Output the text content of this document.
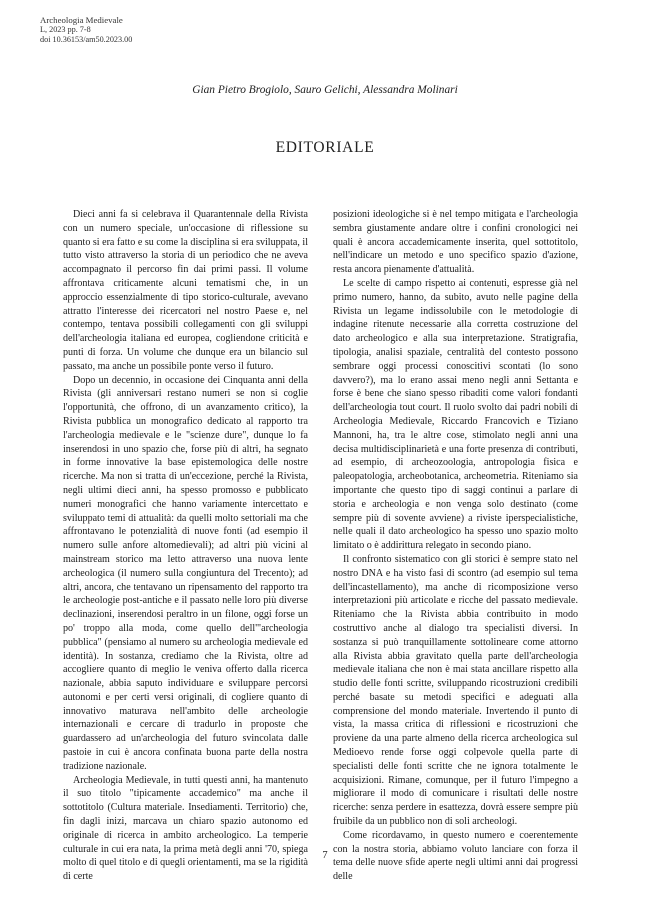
Archeologia Medievale
L, 2023 pp. 7-8
doi 10.36153/am50.2023.00
Gian Pietro Brogiolo, Sauro Gelichi, Alessandra Molinari
EDITORIALE

Dieci anni fa si celebrava il Quarantennale della Rivista con un numero speciale, un'occasione di riflessione su quanto si era fatto e su come la disciplina si era sviluppata, il tutto visto attraverso la storia di un periodico che ne aveva accompagnato il percorso fin dai primi passi. Il volume affrontava criticamente alcuni tematismi che, in un approccio essenzialmente di tipo storico-culturale, avevano attratto l'interesse dei ricercatori nel nostro Paese e, nel contempo, tentava possibili collegamenti con gli sviluppi dell'archeologia italiana ed europea, cogliendone criticità e punti di forza. Un volume che dunque era un bilancio sul passato, ma anche un possibile ponte verso il futuro.

Dopo un decennio, in occasione dei Cinquanta anni della Rivista (gli anniversari restano numeri se non si coglie l'opportunità, che offrono, di un avanzamento critico), la Rivista pubblica un monografico dedicato al rapporto tra l'archeologia medievale e le "scienze dure", dunque lo fa inserendosi in uno spazio che, forse più di altri, ha segnato in forme innovative la base epistemologica delle nostre ricerche. Ma non si tratta di un'eccezione, perché la Rivista, negli ultimi dieci anni, ha spesso promosso e pubblicato numeri monografici che hanno variamente intercettato e sviluppato temi di attualità: da quelli molto settoriali ma che affrontavano le potenzialità di nuove fonti (ad esempio il numero sulle anfore altomedievali); ad altri più vicini al mainstream storico ma letto attraverso una nuova lente archeologica (il numero sulla congiuntura del Trecento); ad altri, ancora, che tentavano un ripensamento del rapporto tra le archeologie post-antiche e il passato nelle loro più diverse declinazioni, inserendosi peraltro in un filone, oggi forse un po' troppo alla moda, come quello dell'"archeologia pubblica" (pensiamo al numero su archeologia medievale ed identità). In sostanza, crediamo che la Rivista, oltre ad accogliere quanto di meglio le veniva offerto dalla ricerca nazionale, abbia saputo individuare e sviluppare percorsi autonomi e per certi versi originali, di cogliere quanto di innovativo maturava nell'ambito delle archeologie internazionali e cercare di tradurlo in proposte che guardassero ad un'archeologia del futuro svincolata dalle pastoie in cui è ancora confinata buona parte della nostra tradizione nazionale.

Archeologia Medievale, in tutti questi anni, ha mantenuto il suo titolo "tipicamente accademico" ma anche il sottotitolo (Cultura materiale. Insediamenti. Territorio) che, fin dagli inizi, marcava un chiaro spazio autonomo ed originale di ricerca in ambito archeologico. La temperie culturale in cui era nata, la prima metà degli anni '70, spiega molto di quel titolo e di quegli orientamenti, ma se la rigidità di certe

posizioni ideologiche si è nel tempo mitigata e l'archeologia sembra giustamente andare oltre i confini cronologici nei quali è ancora accademicamente inserita, quel sottotitolo, nell'indicare un metodo e uno specifico spazio d'azione, resta ancora pienamente d'attualità.

Le scelte di campo rispetto ai contenuti, espresse già nel primo numero, hanno, da subito, avuto nelle pagine della Rivista un legame indissolubile con le metodologie di indagine ritenute necessarie alla corretta costruzione del dato archeologico e alla sua interpretazione. Stratigrafia, tipologia, analisi spaziale, centralità del contesto possono sembrare oggi processi conoscitivi scontati (lo sono davvero?), ma lo erano assai meno negli anni Settanta e forse è bene che siano spesso ribaditi come valori fondanti dell'archeologia tout court. Il ruolo svolto dai padri nobili di Archeologia Medievale, Riccardo Francovich e Tiziano Mannoni, ha, tra le altre cose, stimolato negli anni una decisa multidisciplinarietà e una forte presenza di contributi, ad esempio, di archeozoologia, antropologia fisica e paleopatologia, archeobotanica, archeometria. Riteniamo sia importante che questo tipo di saggi continui a parlare di storia e archeologia e non venga solo destinato (come sempre più di sovente avviene) a riviste iperspecialistiche, nelle quali il dato archeologico ha spesso uno spazio molto limitato o è addirittura relegato in secondo piano.

Il confronto sistematico con gli storici è sempre stato nel nostro DNA e ha visto fasi di scontro (ad esempio sul tema dell'incastellamento), ma anche di ricomposizione verso interpretazioni più articolate e ricche del passato medievale. Riteniamo che la Rivista abbia contribuito in modo costruttivo anche al dialogo tra specialisti diversi. In sostanza si può tranquillamente sottolineare come attorno alla Rivista abbia gravitato quella parte dell'archeologia medievale italiana che non è mai stata ancillare rispetto alla studio delle fonti scritte, sviluppando ricostruzioni credibili perché basate su metodi specifici e adeguati alla comprensione del mondo materiale. Invertendo il punto di vista, la massa critica di riflessioni e ricostruzioni che proviene da una parte almeno della ricerca archeologica sul Medioevo rende forse oggi colpevole quella parte di specialisti delle fonti scritte che ne ignora totalmente le acquisizioni. Rimane, comunque, per il futuro l'impegno a migliorare il modo di comunicare i risultati delle nostre ricerche: senza perdere in esattezza, dovrà essere sempre più fruibile da un pubblico non di soli archeologi.

Come ricordavamo, in questo numero e coerentemente con la nostra storia, abbiamo voluto lanciare con forza il tema delle nuove sfide aperte negli ultimi anni dai progressi delle

7
